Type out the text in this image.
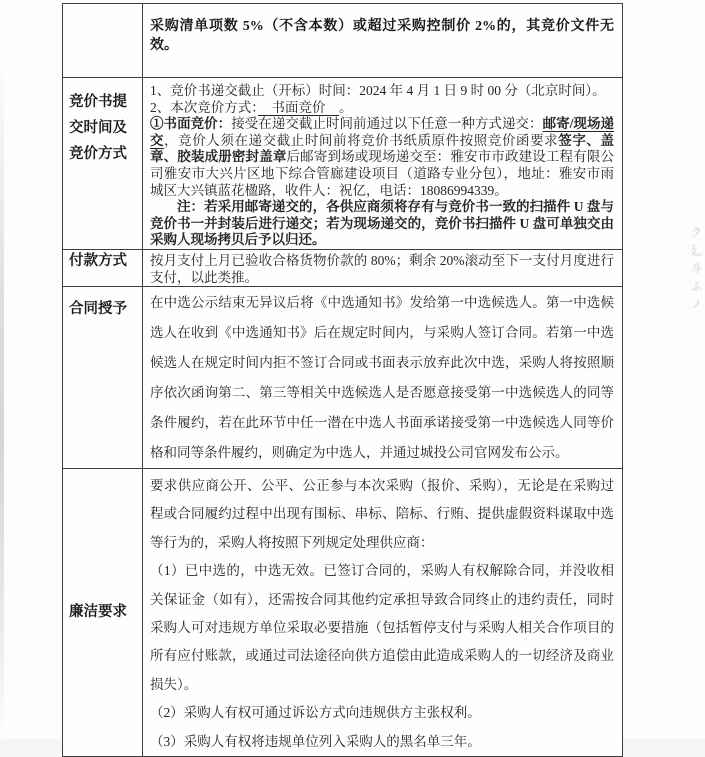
ク廴斗ふノ

采购清单项数 5%（不含本数）或超过采购控制价 2%的，其竞价文件无效。

竞价书提交时间及竞价方式

1、竞价书递交截止（开标）时间：2024 年 4 月 1 日 9 时 00 分（北京时间）。

2、本次竞价方式：　书面竞价　。

①书面竞价：接受在递交截止时间前通过以下任意一种方式递交：邮寄/现场递交，竞价人须在递交截止时间前将竞价书纸质原件按照竞价函要求签字、盖章、胶装成册密封盖章后邮寄到场或现场递交至：雅安市市政建设工程有限公司雅安市大兴片区地下综合管廊建设项目（道路专业分包），地址：雅安市雨城区大兴镇蓝花楹路，收件人：祝亿，电话：18086994339。

注：若采用邮寄递交的，各供应商须将存有与竞价书一致的扫描件 U 盘与竞价书一并封装后进行递交；若为现场递交的，竞价书扫描件 U 盘可单独交由采购人现场拷贝后予以归还。

付款方式	按月支付上月已验收合格货物价款的 80%；剩余 20%滚动至下一支付月度进行支付，以此类推。

合同授予	在中选公示结束无异议后将《中选通知书》发给第一中选候选人。第一中选候选人在收到《中选通知书》后在规定时间内，与采购人签订合同。若第一中选候选人在规定时间内拒不签订合同或书面表示放弃此次中选，采购人将按照顺序依次函询第二、第三等相关中选候选人是否愿意接受第一中选候选人的同等条件履约，若在此环节中任一潜在中选人书面承诺接受第一中选候选人同等价格和同等条件履约，则确定为中选人，并通过城投公司官网发布公示。

廉洁要求

要求供应商公开、公平、公正参与本次采购（报价、采购），无论是在采购过程或合同履约过程中出现有围标、串标、陪标、行贿、提供虚假资料谋取中选等行为的，采购人将按照下列规定处理供应商：

（1）已中选的，中选无效。已签订合同的，采购人有权解除合同，并没收相关保证金（如有），还需按合同其他约定承担导致合同终止的违约责任，同时采购人可对违规方单位采取必要措施（包括暂停支付与采购人相关合作项目的所有应付账款，或通过司法途径向供方追偿由此造成采购人的一切经济及商业损失）。

（2）采购人有权可通过诉讼方式向违规供方主张权利。

（3）采购人有权将违规单位列入采购人的黑名单三年。
